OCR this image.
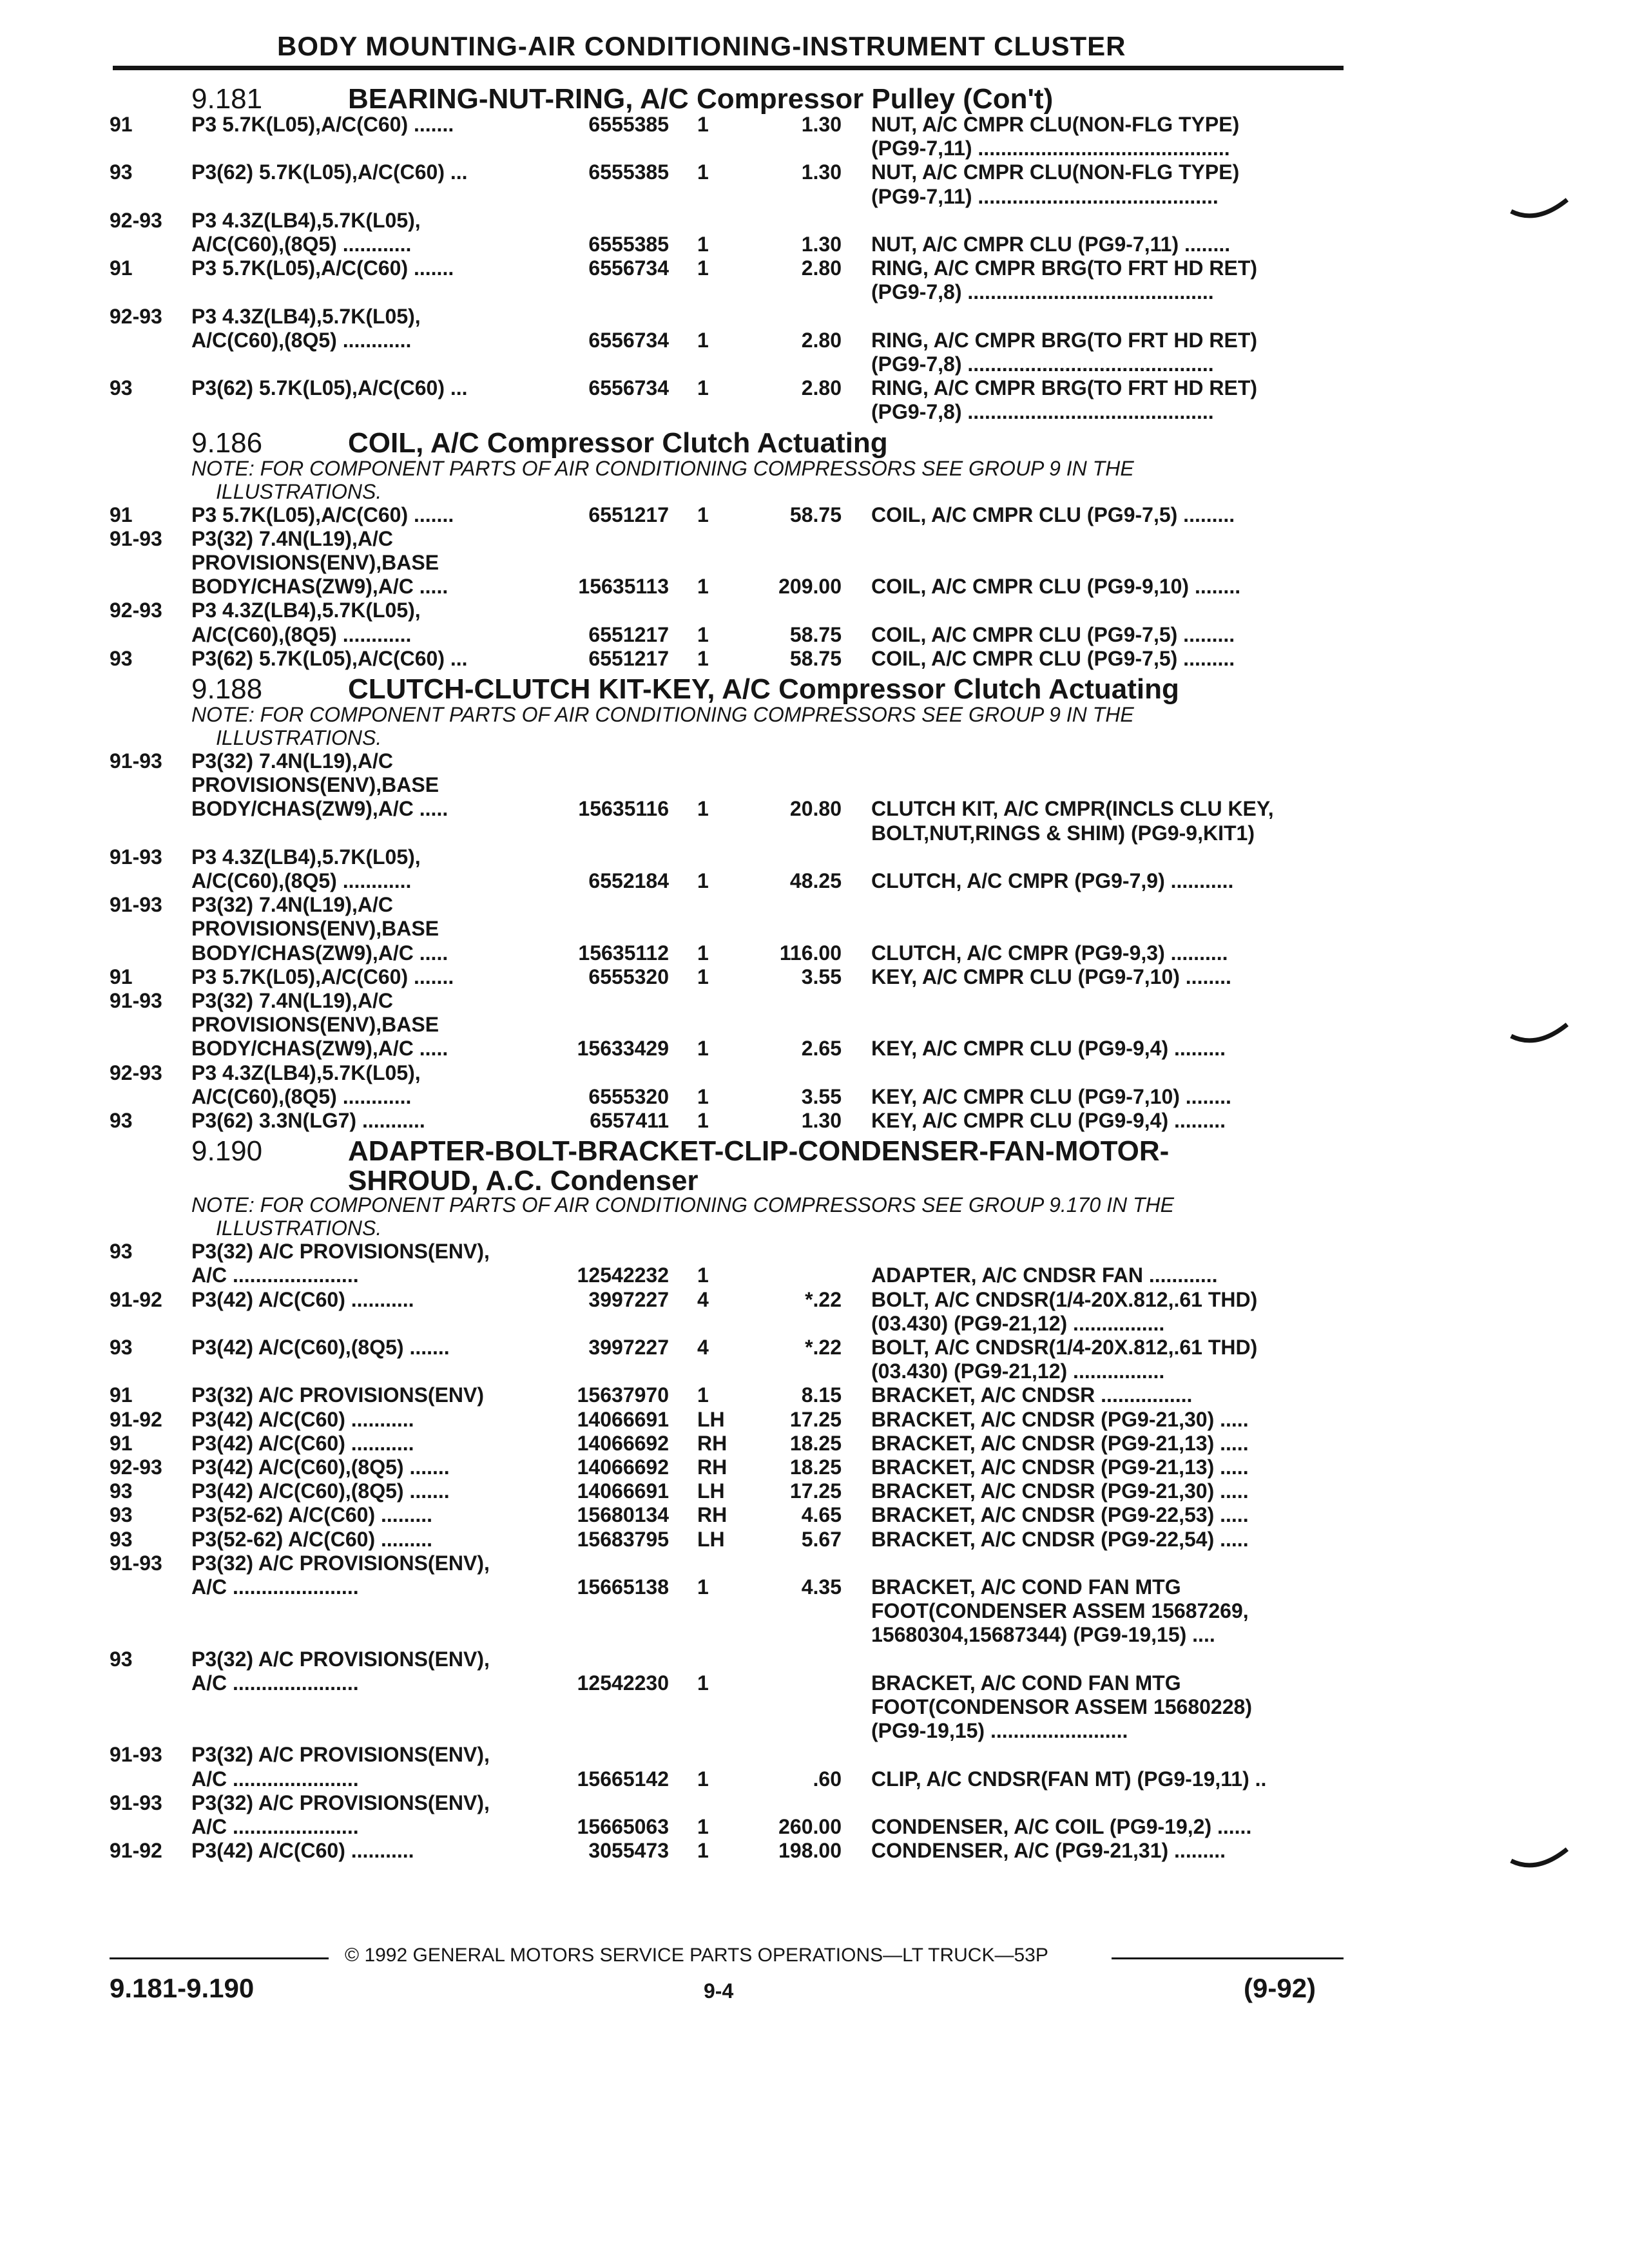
BODY MOUNTING-AIR CONDITIONING-INSTRUMENT CLUSTER
9.181	BEARING-NUT-RING, A/C Compressor Pulley (Con't)
91	P3 5.7K(L05),A/C(C60) .......	6555385 1	1.30 NUT, A/C CMPR CLU(NON-FLG TYPE)
(PG9-7,11) ............................................
93	P3(62) 5.7K(L05),A/C(C60) ...	6555385 1	1.30 NUT, A/C CMPR CLU(NON-FLG TYPE)
(PG9-7,11) ..........................................
92-93 P3 4.3Z(LB4),5.7K(L05),
A/C(C60),(8Q5) ............	6555385 1	1.30 NUT, A/C CMPR CLU (PG9-7,11) ........
91	P3 5.7K(L05),A/C(C60) .......	6556734 1	2.80 RING, A/C CMPR BRG(TO FRT HD RET)
(PG9-7,8) ...........................................
92-93 P3 4.3Z(LB4),5.7K(L05),
A/C(C60),(8Q5) ............	6556734 1	2.80 RING, A/C CMPR BRG(TO FRT HD RET)
(PG9-7,8) ...........................................
93	P3(62) 5.7K(L05),A/C(C60) ...	6556734 1	2.80 RING, A/C CMPR BRG(TO FRT HD RET)
(PG9-7,8) ...........................................
9.186	COIL, A/C Compressor Clutch Actuating
NOTE: FOR COMPONENT PARTS OF AIR CONDITIONING COMPRESSORS SEE GROUP 9 IN THE
ILLUSTRATIONS.
91	P3 5.7K(L05),A/C(C60) .......	6551217 1	58.75 COIL, A/C CMPR CLU (PG9-7,5) .........
91-93 P3(32) 7.4N(L19),A/C
PROVISIONS(ENV),BASE
BODY/CHAS(ZW9),A/C .....	15635113 1	209.00 COIL, A/C CMPR CLU (PG9-9,10) ........
92-93 P3 4.3Z(LB4),5.7K(L05),
A/C(C60),(8Q5) ............	6551217 1	58.75 COIL, A/C CMPR CLU (PG9-7,5) .........
93	P3(62) 5.7K(L05),A/C(C60) ...	6551217 1	58.75 COIL, A/C CMPR CLU (PG9-7,5) .........
9.188	CLUTCH-CLUTCH KIT-KEY, A/C Compressor Clutch Actuating
NOTE: FOR COMPONENT PARTS OF AIR CONDITIONING COMPRESSORS SEE GROUP 9 IN THE
ILLUSTRATIONS.
91-93 P3(32) 7.4N(L19),A/C
PROVISIONS(ENV),BASE
BODY/CHAS(ZW9),A/C .....	15635116 1	20.80 CLUTCH KIT, A/C CMPR(INCLS CLU KEY,
BOLT,NUT,RINGS & SHIM) (PG9-9,KIT1)
91-93 P3 4.3Z(LB4),5.7K(L05),
A/C(C60),(8Q5) ............	6552184 1	48.25 CLUTCH, A/C CMPR (PG9-7,9) ...........
91-93 P3(32) 7.4N(L19),A/C
PROVISIONS(ENV),BASE
BODY/CHAS(ZW9),A/C .....	15635112 1	116.00 CLUTCH, A/C CMPR (PG9-9,3) ..........
91	P3 5.7K(L05),A/C(C60) .......	6555320 1	3.55 KEY, A/C CMPR CLU (PG9-7,10) ........
91-93 P3(32) 7.4N(L19),A/C
PROVISIONS(ENV),BASE
BODY/CHAS(ZW9),A/C .....	15633429 1	2.65 KEY, A/C CMPR CLU (PG9-9,4) .........
92-93 P3 4.3Z(LB4),5.7K(L05),
A/C(C60),(8Q5) ............	6555320 1	3.55 KEY, A/C CMPR CLU (PG9-7,10) ........
93	P3(62) 3.3N(LG7) ...........	6557411 1	1.30 KEY, A/C CMPR CLU (PG9-9,4) .........
9.190	ADAPTER-BOLT-BRACKET-CLIP-CONDENSER-FAN-MOTOR-
SHROUD, A.C. Condenser
NOTE: FOR COMPONENT PARTS OF AIR CONDITIONING COMPRESSORS SEE GROUP 9.170 IN THE
ILLUSTRATIONS.
93	P3(32) A/C PROVISIONS(ENV),
A/C ......................	12542232 1	ADAPTER, A/C CNDSR FAN ............
91-92 P3(42) A/C(C60) ...........	3997227 4	*.22 BOLT, A/C CNDSR(1/4-20X.812,.61 THD)
(03.430) (PG9-21,12) ................
93	P3(42) A/C(C60),(8Q5) .......	3997227 4	*.22 BOLT, A/C CNDSR(1/4-20X.812,.61 THD)
(03.430) (PG9-21,12) ................
91	P3(32) A/C PROVISIONS(ENV)	15637970 1	8.15 BRACKET, A/C CNDSR ................
91-92 P3(42) A/C(C60) ...........	14066691 LH	17.25 BRACKET, A/C CNDSR (PG9-21,30) .....
91	P3(42) A/C(C60) ...........	14066692 RH	18.25 BRACKET, A/C CNDSR (PG9-21,13) .....
92-93 P3(42) A/C(C60),(8Q5) .......	14066692 RH	18.25 BRACKET, A/C CNDSR (PG9-21,13) .....
93	P3(42) A/C(C60),(8Q5) .......	14066691 LH	17.25 BRACKET, A/C CNDSR (PG9-21,30) .....
93	P3(52-62) A/C(C60) .........	15680134 RH	4.65 BRACKET, A/C CNDSR (PG9-22,53) .....
93	P3(52-62) A/C(C60) .........	15683795 LH	5.67 BRACKET, A/C CNDSR (PG9-22,54) .....
91-93 P3(32) A/C PROVISIONS(ENV),
A/C ......................	15665138 1	4.35 BRACKET, A/C COND FAN MTG
FOOT(CONDENSER ASSEM 15687269,
15680304,15687344) (PG9-19,15) ....
93	P3(32) A/C PROVISIONS(ENV),
A/C ......................	12542230 1	BRACKET, A/C COND FAN MTG
FOOT(CONDENSOR ASSEM 15680228)
(PG9-19,15) ........................
91-93 P3(32) A/C PROVISIONS(ENV),
A/C ......................	15665142 1	.60 CLIP, A/C CNDSR(FAN MT) (PG9-19,11) ..
91-93 P3(32) A/C PROVISIONS(ENV),
A/C ......................	15665063 1	260.00 CONDENSER, A/C COIL (PG9-19,2) ......
91-92 P3(42) A/C(C60) ...........	3055473 1	198.00 CONDENSER, A/C (PG9-21,31) .........
© 1992 GENERAL MOTORS SERVICE PARTS OPERATIONS—LT TRUCK—53P
9.181-9.190	9-4	(9-92)
